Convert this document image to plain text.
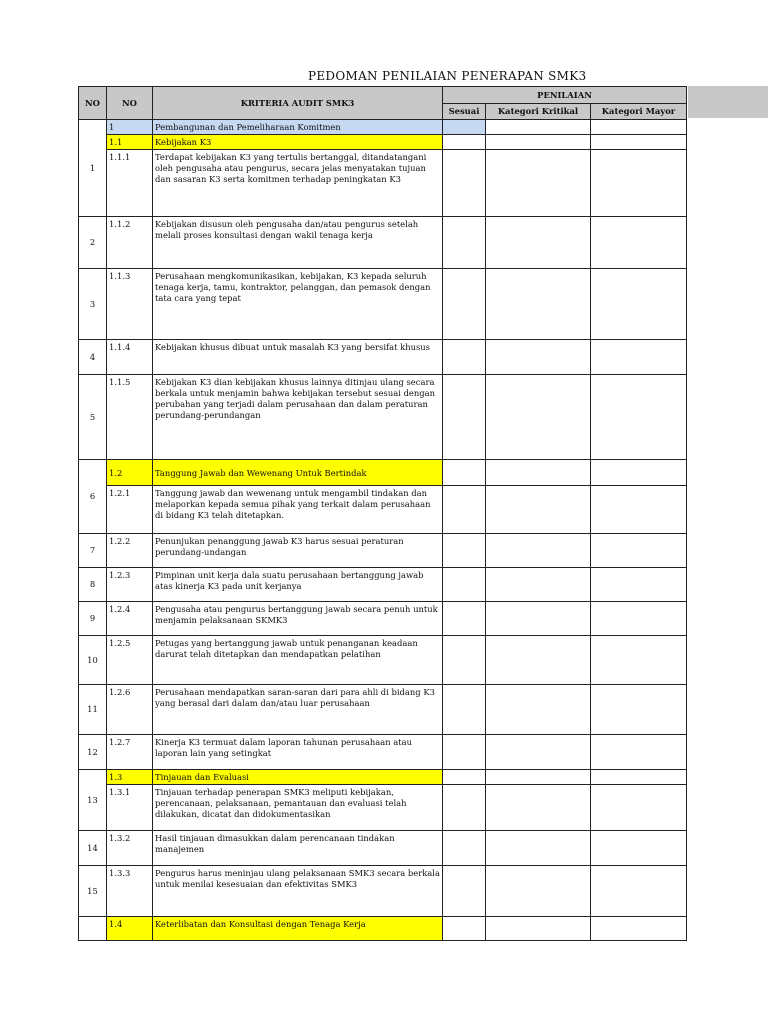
PEDOMAN PENILAIAN PENERAPAN SMK3
NO	NO	KRITERIA AUDIT SMK3	PENILAIAN		
			Sesuai	Kategori Kritikal	Kategori Mayor
1	1	Pembangunan dan Pemeliharaan Komitmen			
	1.1	Kebijakan K3			
	1.1.1	Terdapat kebijakan K3 yang tertulis bertanggal, ditandatangani oleh pengusaha atau pengurus, secara jelas menyatakan tujuan dan sasaran K3 serta komitmen terhadap peningkatan K3			
2	1.1.2	Kebijakan disusun oleh pengusaha dan/atau pengurus setelah melali proses konsultasi dengan wakil tenaga kerja			
3	1.1.3	Perusahaan mengkomunikasikan, kebijakan, K3 kepada seluruh tenaga kerja, tamu, kontraktor, pelanggan, dan pemasok dengan tata cara yang tepat			
4	1.1.4	Kebijakan khusus dibuat untuk masalah K3 yang bersifat khusus			
5	1.1.5	Kebijakan K3 dian kebijakan khusus lainnya ditinjau ulang secara berkala untuk menjamin bahwa kebijakan tersebut sesuai dengan perubahan yang terjadi dalam perusahaan dan dalam peraturan perundang-perundangan			
6	1.2	Tanggung Jawab dan Wewenang Untuk Bertindak			
	1.2.1	Tanggung jawab dan wewenang untuk mengambil tindakan dan melaporkan kepada semua pihak yang terkait dalam perusahaan di bidang K3 telah ditetapkan.			
7	1.2.2	Penunjukan penanggung jawab K3 harus sesuai peraturan perundang-undangan			
8	1.2.3	Pimpinan unit kerja dala suatu perusahaan bertanggung jawab atas kinerja K3 pada unit kerjanya			
9	1.2.4	Pengusaha atau pengurus bertanggung jawab secara penuh untuk menjamin pelaksanaan SKMK3			
10	1.2.5	Petugas yang bertanggung jawab untuk penanganan keadaan darurat telah ditetapkan dan mendapatkan pelatihan			
11	1.2.6	Perusahaan mendapatkan saran-saran dari para ahli di bidang K3 yang berasal dari dalam dan/atau luar perusahaan			
12	1.2.7	Kinerja K3 termuat dalam laporan tahunan perusahaan atau laporan lain yang setingkat			
13	1.3	Tinjauan dan Evaluasi			
	1.3.1	Tinjauan terhadap penerapan SMK3 meliputi kebijakan, perencanaan, pelaksanaan, pemantauan dan evaluasi telah dilakukan, dicatat dan didokumentasikan			
14	1.3.2	Hasil tinjauan dimasukkan dalam perencanaan tindakan manajemen			
15	1.3.3	Pengurus harus meninjau ulang pelaksanaan SMK3 secara berkala untuk menilai kesesuaian dan efektivitas SMK3			
	1.4	Keterlibatan dan Konsultasi dengan Tenaga Kerja			
